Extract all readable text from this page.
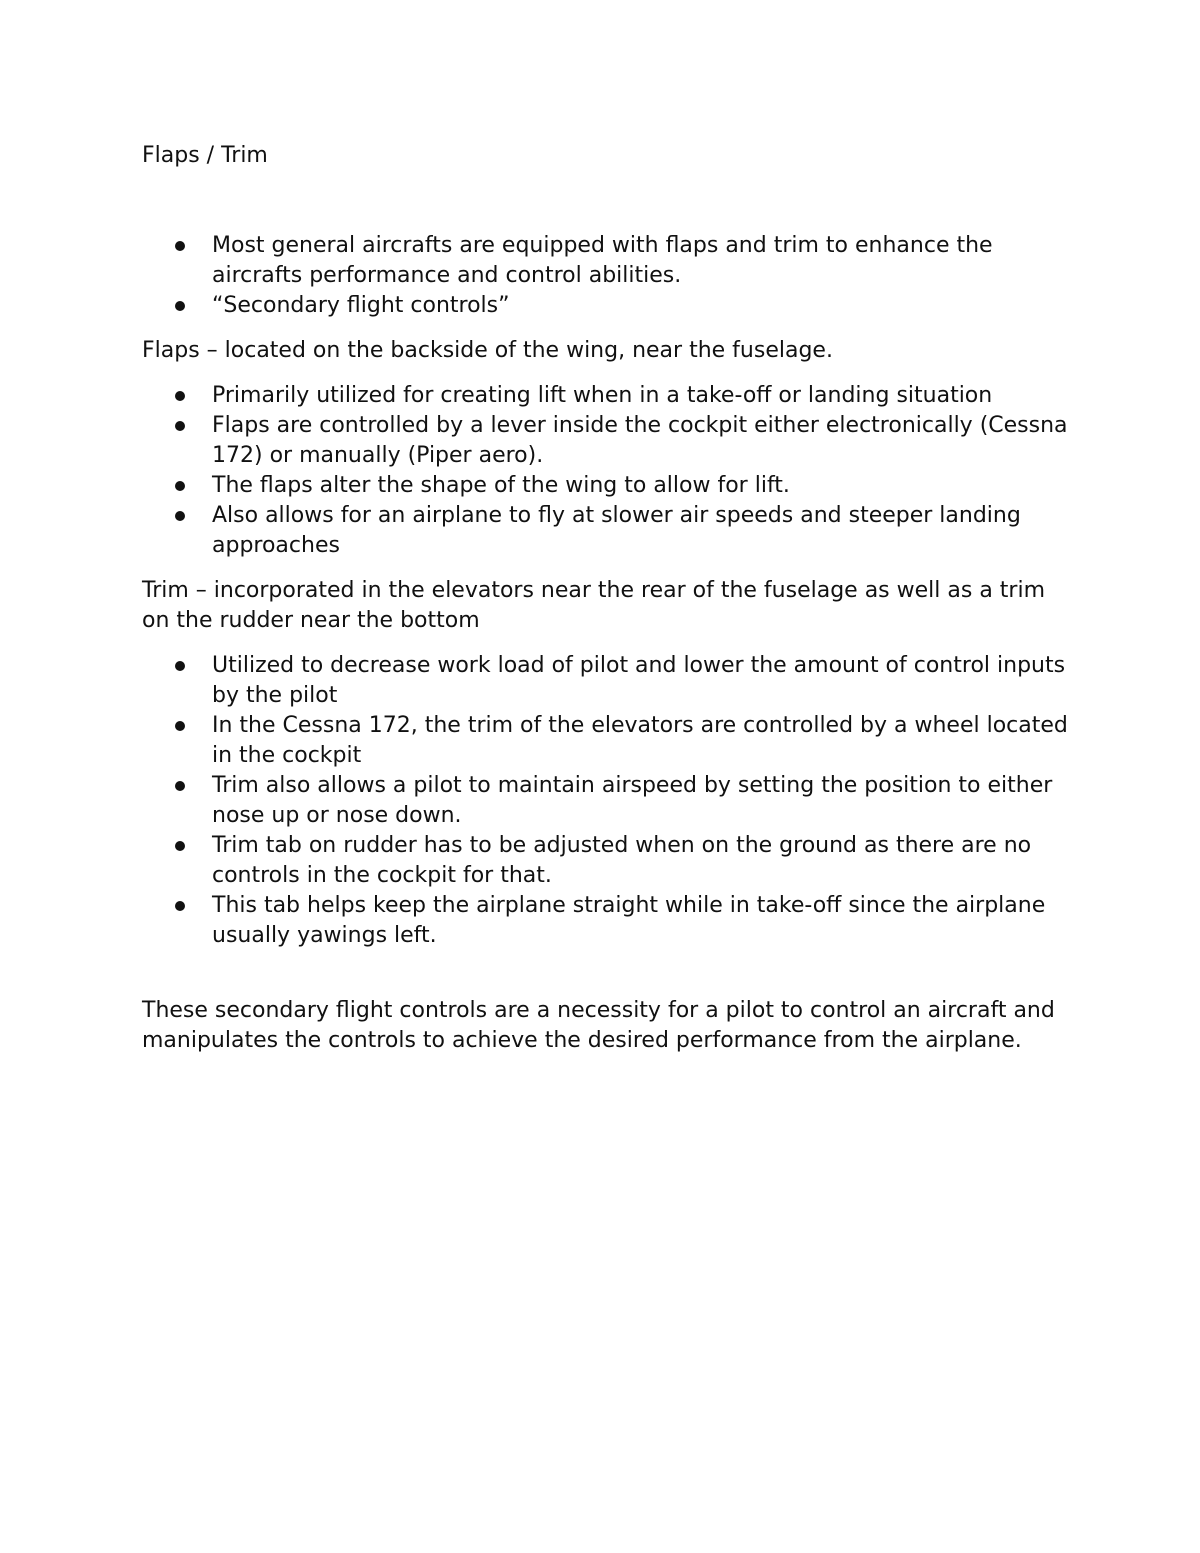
Flaps / Trim

Most general aircrafts are equipped with flaps and trim to enhance the aircrafts performance and control abilities.
“Secondary flight controls”

Flaps – located on the backside of the wing, near the fuselage.

Primarily utilized for creating lift when in a take-off or landing situation
Flaps are controlled by a lever inside the cockpit either electronically (Cessna 172) or manually (Piper aero).
The flaps alter the shape of the wing to allow for lift.
Also allows for an airplane to fly at slower air speeds and steeper landing approaches

Trim – incorporated in the elevators near the rear of the fuselage as well as a trim on the rudder near the bottom

Utilized to decrease work load of pilot and lower the amount of control inputs by the pilot
In the Cessna 172, the trim of the elevators are controlled by a wheel located in the cockpit
Trim also allows a pilot to maintain airspeed by setting the position to either nose up or nose down.
Trim tab on rudder has to be adjusted when on the ground as there are no controls in the cockpit for that.
This tab helps keep the airplane straight while in take-off since the airplane usually yawings left.

These secondary flight controls are a necessity for a pilot to control an aircraft and manipulates the controls to achieve the desired performance from the airplane.
